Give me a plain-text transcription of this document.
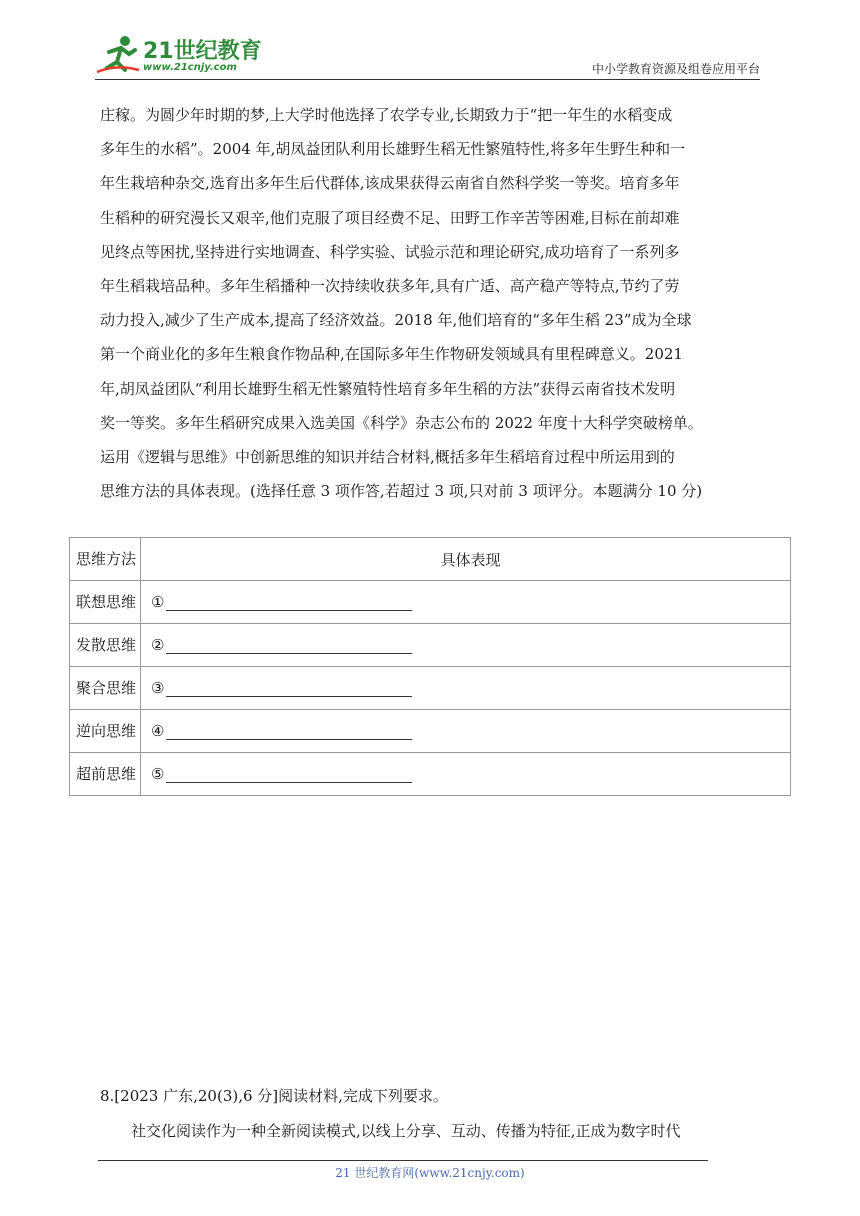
21世纪教育
www.21cnjy.com	中小学教育资源及组卷应用平台
庄稼。为圆少年时期的梦,上大学时他选择了农学专业,长期致力于“把一年生的水稻变成
多年生的水稻”。2004 年,胡凤益团队利用长雄野生稻无性繁殖特性,将多年生野生种和一
年生栽培种杂交,选育出多年生后代群体,该成果获得云南省自然科学奖一等奖。培育多年
生稻种的研究漫长又艰辛,他们克服了项目经费不足、田野工作辛苦等困难,目标在前却难
见终点等困扰,坚持进行实地调查、科学实验、试验示范和理论研究,成功培育了一系列多
年生稻栽培品种。多年生稻播种一次持续收获多年,具有广适、高产稳产等特点,节约了劳
动力投入,减少了生产成本,提高了经济效益。2018 年,他们培育的“多年生稻 23”成为全球
第一个商业化的多年生粮食作物品种,在国际多年生作物研发领域具有里程碑意义。2021
年,胡凤益团队“利用长雄野生稻无性繁殖特性培育多年生稻的方法”获得云南省技术发明
奖一等奖。多年生稻研究成果入选美国《科学》杂志公布的 2022 年度十大科学突破榜单。
运用《逻辑与思维》中创新思维的知识并结合材料,概括多年生稻培育过程中所运用到的
思维方法的具体表现。(选择任意 3 项作答,若超过 3 项,只对前 3 项评分。本题满分 10 分)
思维方法	具体表现
联想思维	①
发散思维	②
聚合思维	③
逆向思维	④
超前思维	⑤
8.[2023 广东,20(3),6 分]阅读材料,完成下列要求。
社交化阅读作为一种全新阅读模式,以线上分享、互动、传播为特征,正成为数字时代
21 世纪教育网(www.21cnjy.com)
